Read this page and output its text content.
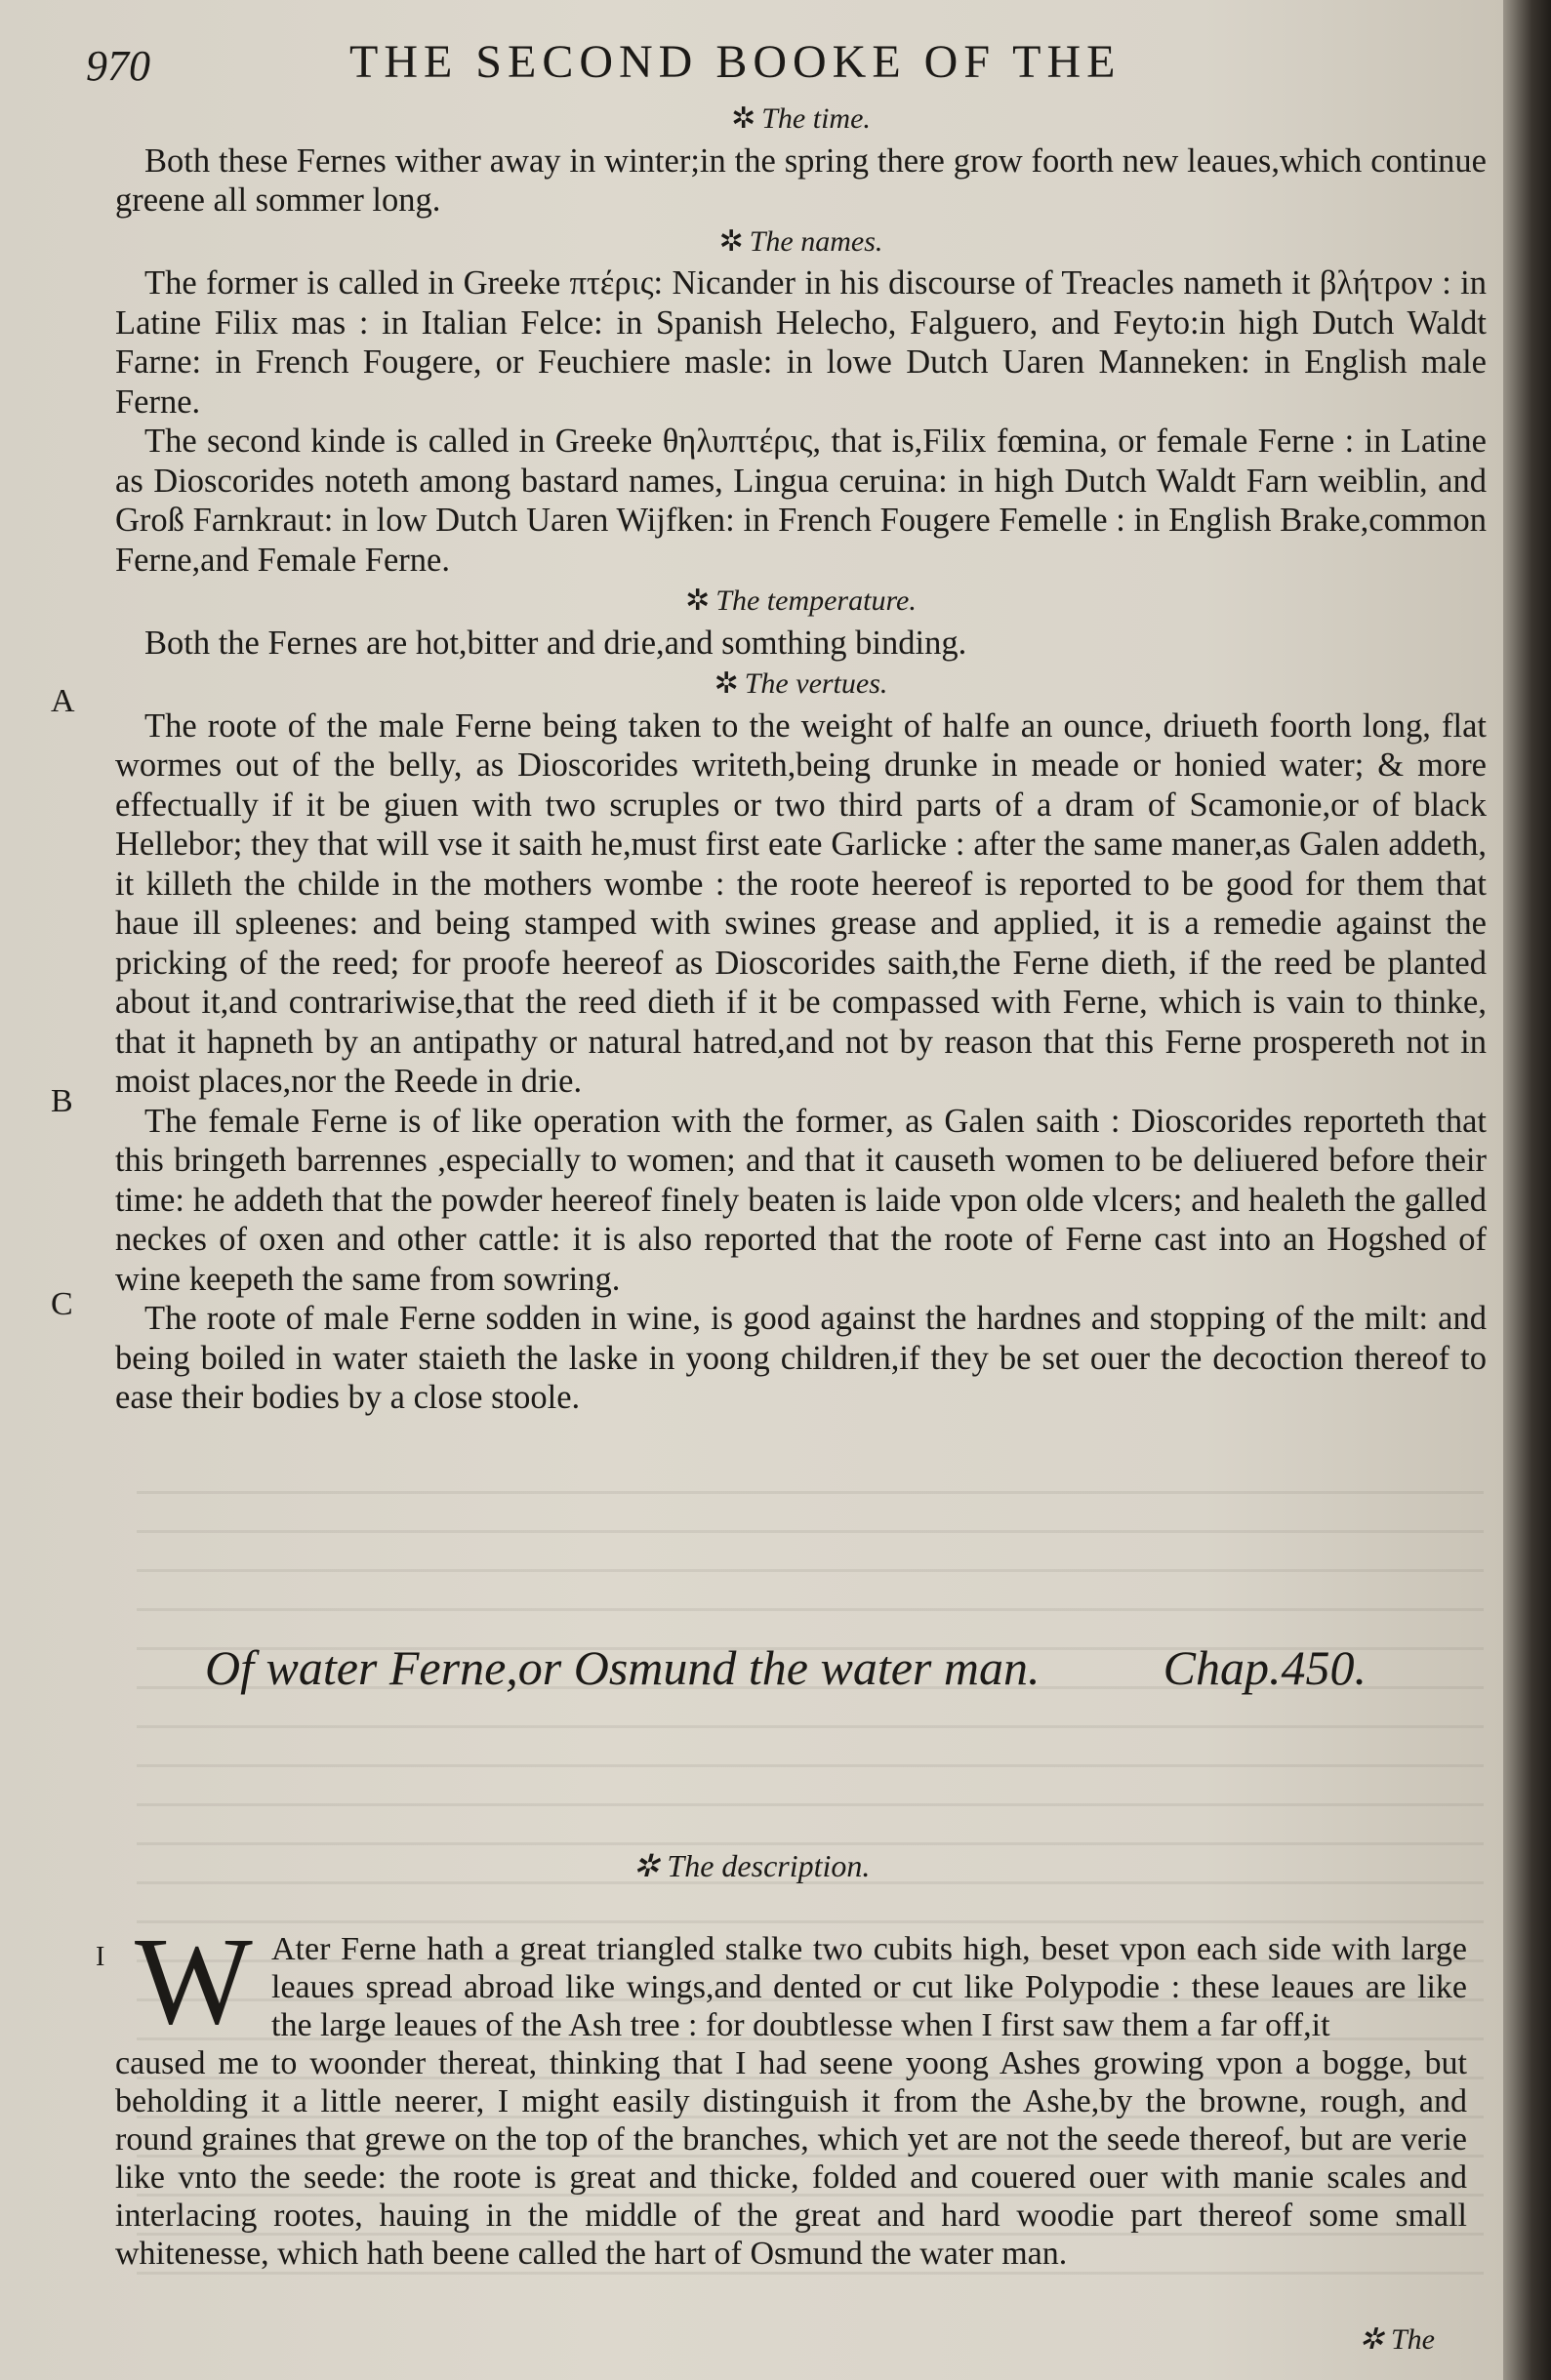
970	THE SECOND BOOKE OF THE
✲ The time.

Both these Fernes wither away in winter;in the spring there grow foorth new leaues,which continue greene all sommer long.

✲ The names.

The former is called in Greeke πτέρις: Nicander in his discourse of Treacles nameth it βλήτρον : in Latine Filix mas : in Italian Felce: in Spanish Helecho, Falguero, and Feyto:in high Dutch Waldt Farne: in French Fougere, or Feuchiere masle: in lowe Dutch Uaren Manneken: in English male Ferne.

The second kinde is called in Greeke θηλυπτέρις, that is,Filix fœmina, or female Ferne : in Latine as Dioscorides noteth among bastard names, Lingua ceruina: in high Dutch Waldt Farn weiblin, and Groß Farnkraut: in low Dutch Uaren Wijfken: in French Fougere Femelle : in English Brake,common Ferne,and Female Ferne.

✲ The temperature.

Both the Fernes are hot,bitter and drie,and somthing binding.

✲ The vertues.

The roote of the male Ferne being taken to the weight of halfe an ounce, driueth foorth long, flat wormes out of the belly, as Dioscorides writeth,being drunke in meade or honied water; & more effectually if it be giuen with two scruples or two third parts of a dram of Scamonie,or of black Hellebor; they that will vse it saith he,must first eate Garlicke : after the same maner,as Galen addeth, it killeth the childe in the mothers wombe : the roote heereof is reported to be good for them that haue ill spleenes: and being stamped with swines grease and applied, it is a remedie against the pricking of the reed; for proofe heereof as Dioscorides saith,the Ferne dieth, if the reed be planted about it,and contrariwise,that the reed dieth if it be compassed with Ferne, which is vain to thinke, that it hapneth by an antipathy or natural hatred,and not by reason that this Ferne prospereth not in moist places,nor the Reede in drie.

The female Ferne is of like operation with the former, as Galen saith : Dioscorides reporteth that this bringeth barrennes ,especially to women; and that it causeth women to be deliuered before their time: he addeth that the powder heereof finely beaten is laide vpon olde vlcers; and healeth the galled neckes of oxen and other cattle: it is also reported that the roote of Ferne cast into an Hogshed of wine keepeth the same from sowring.

The roote of male Ferne sodden in wine, is good against the hardnes and stopping of the milt: and being boiled in water staieth the laske in yoong children,if they be set ouer the decoction thereof to ease their bodies by a close stoole.

A
B
C
Of water Ferne,or Osmund the water man.	Chap.450.
✲ The description.
I W Ater Ferne hath a great triangled stalke two cubits high, beset vpon each side with large leaues spread abroad like wings,and dented or cut like Polypodie : these leaues are like the large leaues of the Ash tree : for doubtlesse when I first saw them a far off,it
caused me to woonder thereat, thinking that I had seene yoong Ashes growing vpon a bogge, but beholding it a little neerer, I might easily distinguish it from the Ashe,by the browne, rough, and round graines that grewe on the top of the branches, which yet are not the seede thereof, but are verie like vnto the seede: the roote is great and thicke, folded and couered ouer with manie scales and interlacing rootes, hauing in the middle of the great and hard woodie part thereof some small whitenesse, which hath beene called the hart of Osmund the water man.
✲ The
